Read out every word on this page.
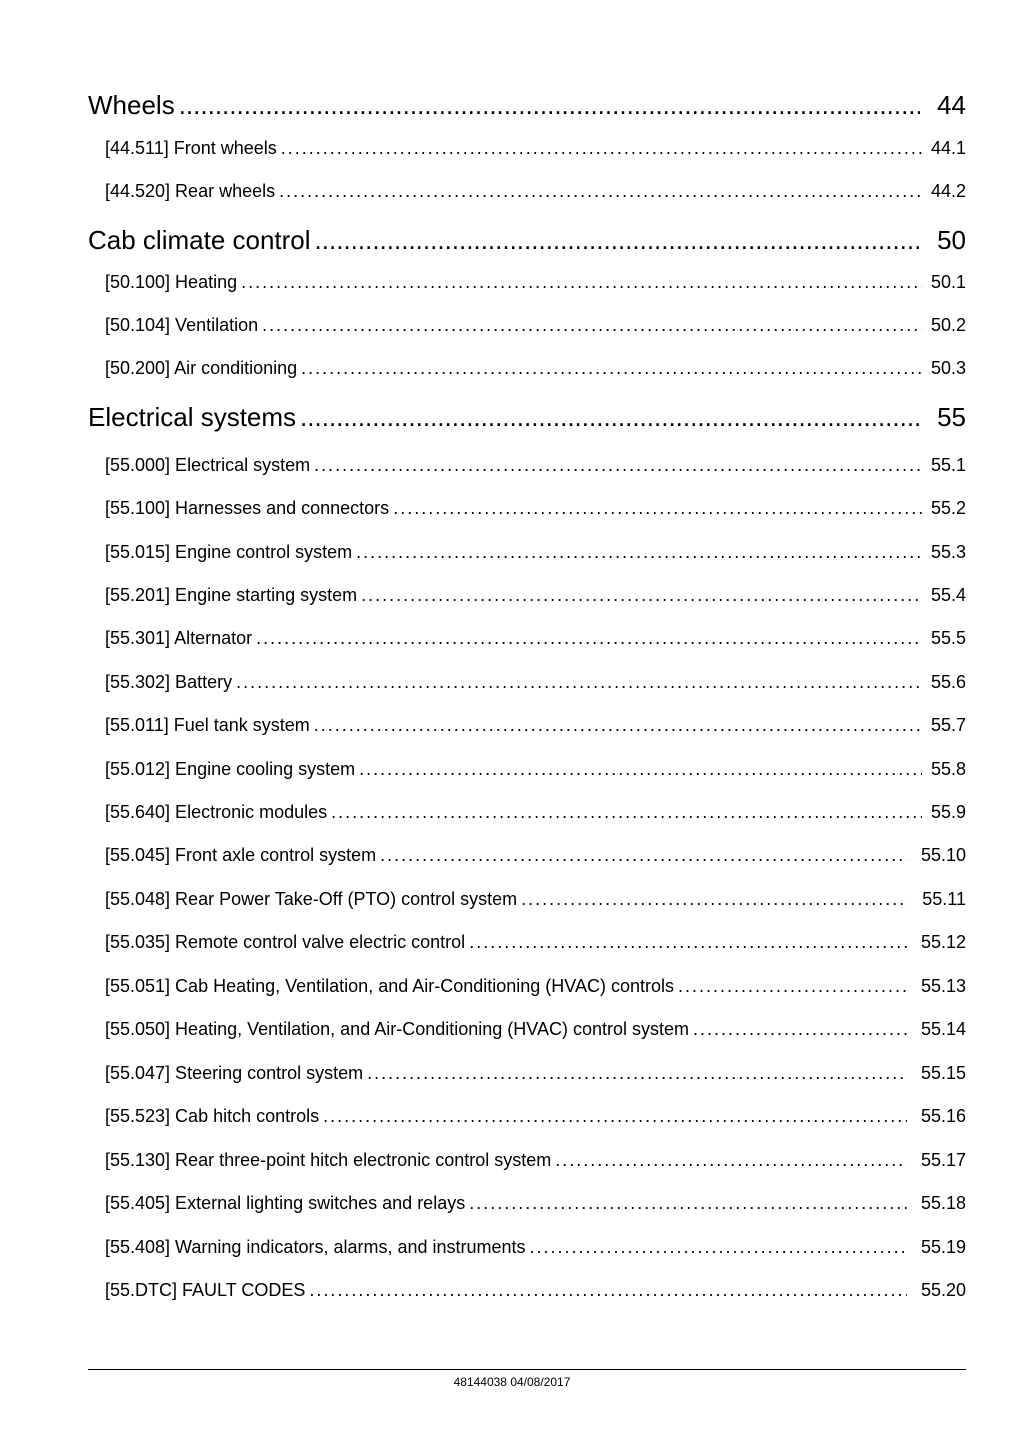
Wheels .....	44
[44.511] Front wheels .....	44.1
[44.520] Rear wheels .....	44.2
Cab climate control .....	50
[50.100] Heating .....	50.1
[50.104] Ventilation .....	50.2
[50.200] Air conditioning .....	50.3
Electrical systems .....	55
[55.000] Electrical system .....	55.1
[55.100] Harnesses and connectors .....	55.2
[55.015] Engine control system .....	55.3
[55.201] Engine starting system .....	55.4
[55.301] Alternator .....	55.5
[55.302] Battery .....	55.6
[55.011] Fuel tank system .....	55.7
[55.012] Engine cooling system .....	55.8
[55.640] Electronic modules .....	55.9
[55.045] Front axle control system .....	55.10
[55.048] Rear Power Take-Off (PTO) control system .....	55.11
[55.035] Remote control valve electric control .....	55.12
[55.051] Cab Heating, Ventilation, and Air-Conditioning (HVAC) controls .....	55.13
[55.050] Heating, Ventilation, and Air-Conditioning (HVAC) control system .....	55.14
[55.047] Steering control system .....	55.15
[55.523] Cab hitch controls .....	55.16
[55.130] Rear three-point hitch electronic control system .....	55.17
[55.405] External lighting switches and relays .....	55.18
[55.408] Warning indicators, alarms, and instruments .....	55.19
[55.DTC] FAULT CODES .....	55.20
48144038 04/08/2017
